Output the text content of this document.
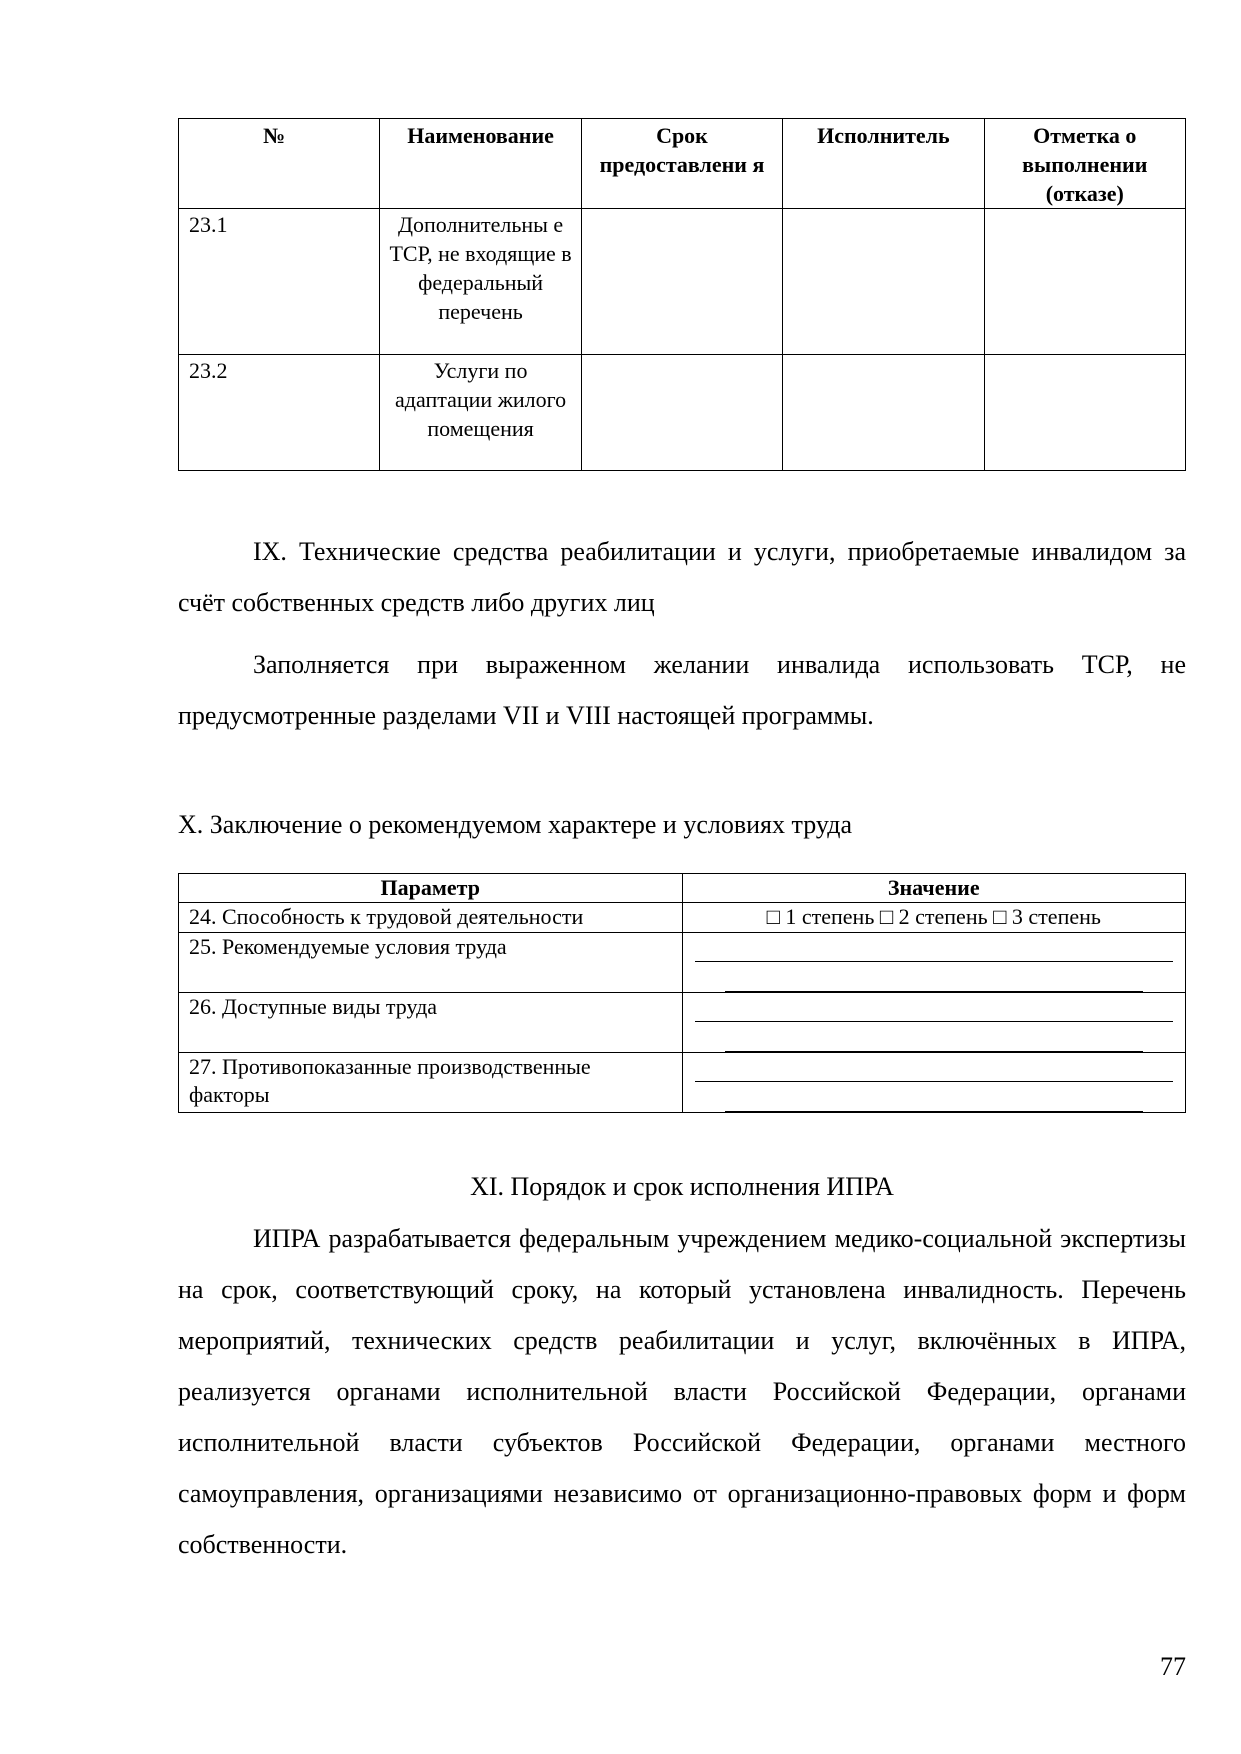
№	Наименование	Срок предоставлени я	Исполнитель	Отметка о выполнении (отказе)
23.1	Дополнительны е ТСР, не входящие в федеральный перечень			
23.2	Услуги по адаптации жилого помещения			

IX. Технические средства реабилитации и услуги, приобретаемые инвалидом за счёт собственных средств либо других лиц

Заполняется при выраженном желании инвалида использовать ТСР, не предусмотренные разделами VII и VIII настоящей программы.

X. Заключение о рекомендуемом характере и условиях труда

Параметр	Значение
24. Способность к трудовой деятельности	□ 1 степень □ 2 степень □ 3 степень
25. Рекомендуемые условия труда	

26. Доступные виды труда	

27. Противопоказанные производственные факторы	

XI. Порядок и срок исполнения ИПРА

ИПРА разрабатывается федеральным учреждением медико-социальной экспертизы на срок, соответствующий сроку, на который установлена инвалидность. Перечень мероприятий, технических средств реабилитации и услуг, включённых в ИПРА, реализуется органами исполнительной власти Российской Федерации, органами исполнительной власти субъектов Российской Федерации, органами местного самоуправления, организациями независимо от организационно-правовых форм и форм собственности.

77
